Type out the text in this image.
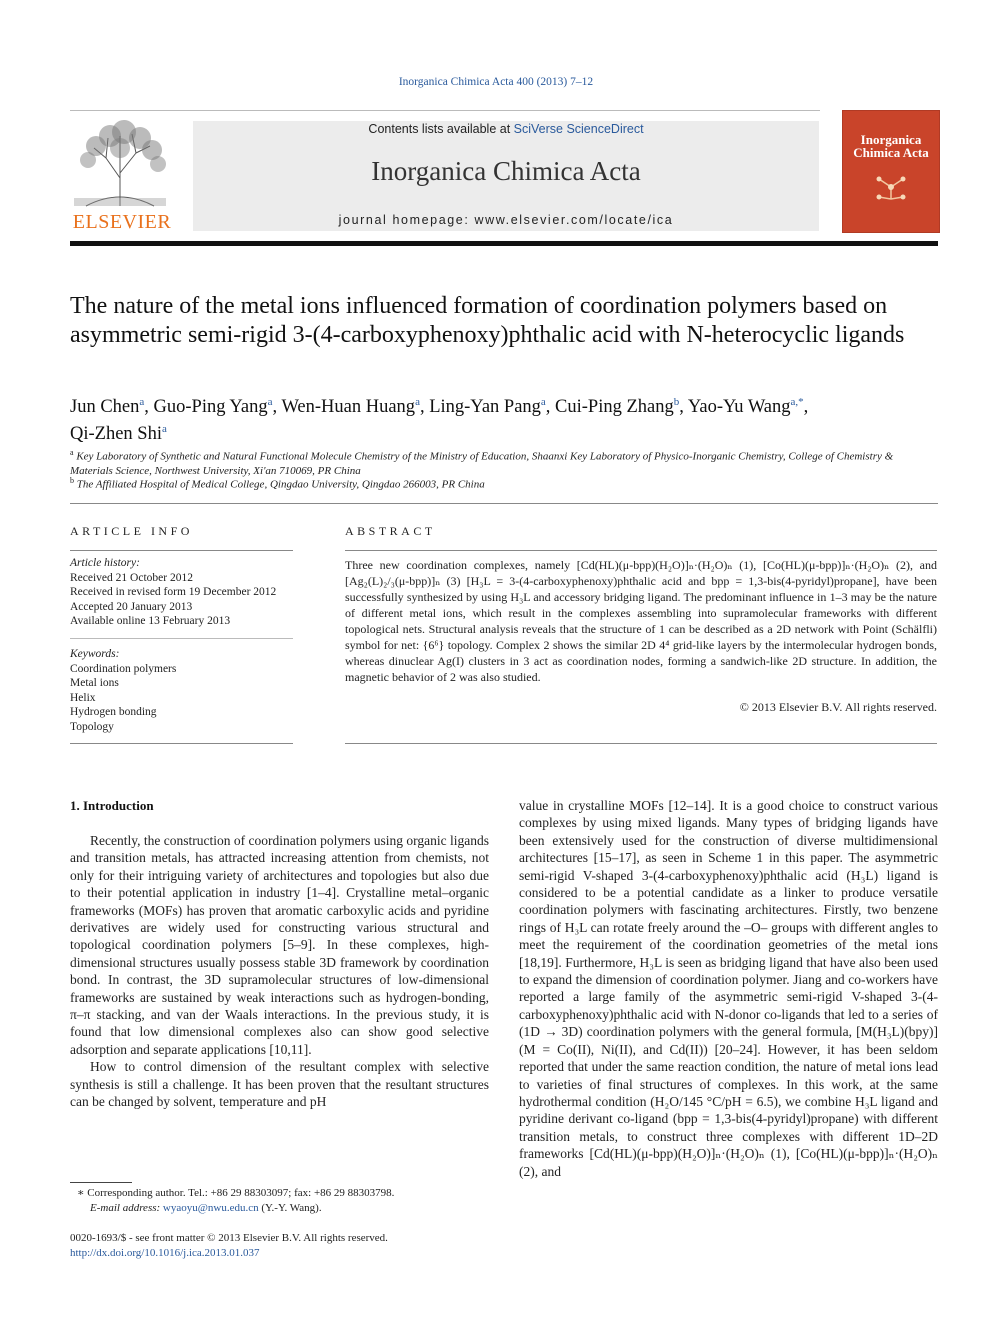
Inorganica Chimica Acta 400 (2013) 7–12
ELSEVIER
Contents lists available at SciVerse ScienceDirect
Inorganica Chimica Acta
journal homepage: www.elsevier.com/locate/ica
Inorganica
Chimica Acta
The nature of the metal ions influenced formation of coordination polymers based on asymmetric semi-rigid 3-(4-carboxyphenoxy)phthalic acid with N-heterocyclic ligands
Jun Chen$^a$, Guo-Ping Yang$^a$, Wen-Huan Huang$^a$, Ling-Yan Pang$^a$, Cui-Ping Zhang$^b$, Yao-Yu Wang$^{a,*}$,
Qi-Zhen Shi$^a$
$^a$ Key Laboratory of Synthetic and Natural Functional Molecule Chemistry of the Ministry of Education, Shaanxi Key Laboratory of Physico-Inorganic Chemistry, College of Chemistry & Materials Science, Northwest University, Xi'an 710069, PR China
$^b$ The Affiliated Hospital of Medical College, Qingdao University, Qingdao 266003, PR China
ARTICLE INFO
Article history:
Received 21 October 2012
Received in revised form 19 December 2012
Accepted 20 January 2013
Available online 13 February 2013
Keywords:
Coordination polymers
Metal ions
Helix
Hydrogen bonding
Topology
ABSTRACT
Three new coordination complexes, namely [Cd(HL)(μ-bpp)(H₂O)]ₙ·(H₂O)ₙ (1), [Co(HL)(μ-bpp)]ₙ·(H₂O)ₙ (2), and [Ag₂(L)₂/₃(μ-bpp)]ₙ (3) [H₃L = 3-(4-carboxyphenoxy)phthalic acid and bpp = 1,3-bis(4-pyridyl)propane], have been successfully synthesized by using H₃L and accessory bridging ligand. The predominant influence in 1–3 may be the nature of different metal ions, which result in the complexes assembling into supramolecular frameworks with different topological nets. Structural analysis reveals that the structure of 1 can be described as a 2D network with Point (Schälfli) symbol for net: {6⁶} topology. Complex 2 shows the similar 2D 4⁴ grid-like layers by the intermolecular hydrogen bonds, whereas dinuclear Ag(I) clusters in 3 act as coordination nodes, forming a sandwich-like 2D structure. In addition, the magnetic behavior of 2 was also studied.
© 2013 Elsevier B.V. All rights reserved.
1. Introduction

Recently, the construction of coordination polymers using organic ligands and transition metals, has attracted increasing attention from chemists, not only for their intriguing variety of architectures and topologies but also due to their potential application in industry [1–4]. Crystalline metal–organic frameworks (MOFs) has proven that aromatic carboxylic acids and pyridine derivatives are widely used for constructing various structural and topological coordination polymers [5–9]. In these complexes, high-dimensional structures usually possess stable 3D framework by coordination bond. In contrast, the 3D supramolecular structures of low-dimensional frameworks are sustained by weak interactions such as hydrogen-bonding, π–π stacking, and van der Waals interactions. In the previous study, it is found that low dimensional complexes also can show good selective adsorption and separate applications [10,11].

How to control dimension of the resultant complex with selective synthesis is still a challenge. It has been proven that the resultant structures can be changed by solvent, temperature and pH

value in crystalline MOFs [12–14]. It is a good choice to construct various complexes by using mixed ligands. Many types of bridging ligands have been extensively used for the construction of diverse multidimensional architectures [15–17], as seen in Scheme 1 in this paper. The asymmetric semi-rigid V-shaped 3-(4-carboxyphenoxy)phthalic acid (H₃L) ligand is considered to be a potential candidate as a linker to produce versatile coordination polymers with fascinating architectures. Firstly, two benzene rings of H₃L can rotate freely around the –O– groups with different angles to meet the requirement of the coordination geometries of the metal ions [18,19]. Furthermore, H₃L is seen as bridging ligand that have also been used to expand the dimension of coordination polymer. Jiang and co-workers have reported a large family of the asymmetric semi-rigid V-shaped 3-(4-carboxyphenoxy)phthalic acid with N-donor co-ligands that led to a series of (1D → 3D) coordination polymers with the general formula, [M(H₃L)(bpy)] (M = Co(II), Ni(II), and Cd(II)) [20–24]. However, it has been seldom reported that under the same reaction condition, the nature of metal ions lead to varieties of final structures of complexes. In this work, at the same hydrothermal condition (H₂O/145 °C/pH = 6.5), we combine H₃L ligand and pyridine derivant co-ligand (bpp = 1,3-bis(4-pyridyl)propane) with different transition metals, to construct three complexes with different 1D–2D frameworks [Cd(HL)(μ-bpp)(H₂O)]ₙ·(H₂O)ₙ (1), [Co(HL)(μ-bpp)]ₙ·(H₂O)ₙ (2), and

∗ Corresponding author. Tel.: +86 29 88303097; fax: +86 29 88303798.
E-mail address: wyaoyu@nwu.edu.cn (Y.-Y. Wang).
0020-1693/$ - see front matter © 2013 Elsevier B.V. All rights reserved.
http://dx.doi.org/10.1016/j.ica.2013.01.037
